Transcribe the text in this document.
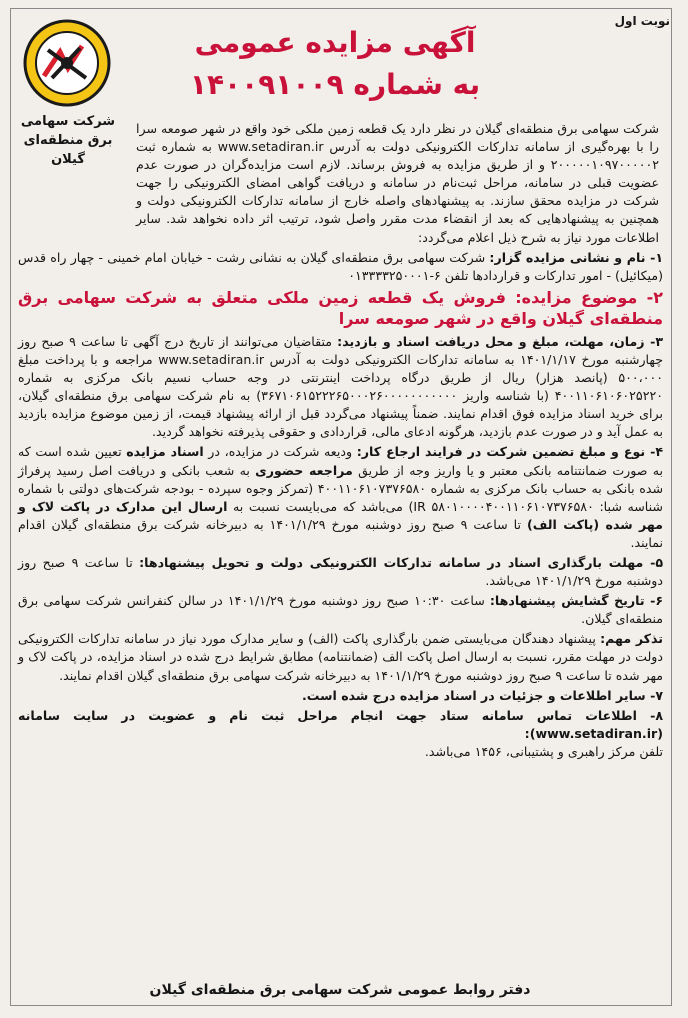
نوبت اول
آگهی مزایده عمومی
به شماره ۱۴۰۰۹۱۰۰۹
شرکت سهامی
برق منطقه‌ای
گیلان

شرکت سهامی برق منطقه‌ای گیلان در نظر دارد یک قطعه زمین ملکی خود واقع در شهر صومعه سرا را با بهره‌گیری از سامانه تدارکات الکترونیکی دولت به آدرس www.setadiran.ir به شماره ثبت ۲۰۰۰۰۰۱۰۹۷۰۰۰۰۰۲ و از طریق مزایده به فروش برساند. لازم است مزایده‌گران در صورت عدم عضویت قبلی در سامانه، مراحل ثبت‌نام در سامانه و دریافت گواهی امضای الکترونیکی را جهت شرکت در مزایده محقق سازند. به پیشنهادهای واصله خارج از سامانه تدارکات الکترونیکی دولت و همچنین به پیشنهادهایی که بعد از انقضاء مدت مقرر واصل شود، ترتیب اثر داده نخواهد شد. سایر اطلاعات مورد نیاز به شرح ذیل اعلام می‌گردد:

۱- نام و نشانی مزایده گزار: شرکت سهامی برق منطقه‌ای گیلان به نشانی رشت - خیابان امام خمینی - چهار راه قدس (میکائیل) - امور تدارکات و قراردادها تلفن ۶-۰۱۳۳۳۳۲۵۰۰۰۱

۲- موضوع مزایده: فروش یک قطعه زمین ملکی متعلق به شرکت سهامی برق منطقه‌ای گیلان واقع در شهر صومعه سرا

۳- زمان، مهلت، مبلغ و محل دریافت اسناد و بازدید: متقاضیان می‌توانند از تاریخ درج آگهی تا ساعت ۹ صبح روز چهارشنبه مورخ ۱۴۰۱/۱/۱۷ به سامانه تدارکات الکترونیکی دولت به آدرس www.setadiran.ir مراجعه و با پرداخت مبلغ ۵۰۰،۰۰۰ (پانصد هزار) ریال از طریق درگاه پرداخت اینترنتی در وجه حساب نسیم بانک مرکزی به شماره ۴۰۰۱۱۰۶۱۰۶۰۲۵۲۲۰ (با شناسه واریز ۳۶۷۱۰۶۱۵۲۲۲۶۵۰۰۰۲۶۰۰۰۰۰۰۰۰۰۰۰) به نام شرکت سهامی برق منطقه‌ای گیلان، برای خرید اسناد مزایده فوق اقدام نمایند. ضمناً پیشنهاد می‌گردد قبل از ارائه پیشنهاد قیمت، از زمین موضوع مزایده بازدید به عمل آید و در صورت عدم بازدید، هرگونه ادعای مالی، قراردادی و حقوقی پذیرفته نخواهد گردید.

۴- نوع و مبلغ تضمین شرکت در فرایند ارجاع کار: ودیعه شرکت در مزایده، در اسناد مزایده تعیین شده است که به صورت ضمانتنامه بانکی معتبر و یا واریز وجه از طریق مراجعه حضوری به شعب بانکی و دریافت اصل رسید پرفراژ شده بانکی به حساب بانک مرکزی به شماره ۴۰۰۱۱۰۶۱۰۷۳۷۶۵۸۰ (تمرکز وجوه سپرده - بودجه شرکت‌های دولتی با شماره شناسه شبا: IR ۵۸۰۱۰۰۰۰۴۰۰۱۱۰۶۱۰۷۳۷۶۵۸۰) می‌باشد که می‌بایست نسبت به ارسال این مدارک در پاکت لاک و مهر شده (پاکت الف) تا ساعت ۹ صبح روز دوشنبه مورخ ۱۴۰۱/۱/۲۹ به دبیرخانه شرکت برق منطقه‌ای گیلان اقدام نمایند.

۵- مهلت بارگذاری اسناد در سامانه تدارکات الکترونیکی دولت و تحویل پیشنهادها: تا ساعت ۹ صبح روز دوشنبه مورخ ۱۴۰۱/۱/۲۹ می‌باشد.

۶- تاریخ گشایش پیشنهادها: ساعت ۱۰:۳۰ صبح روز دوشنبه مورخ ۱۴۰۱/۱/۲۹ در سالن کنفرانس شرکت سهامی برق منطقه‌ای گیلان.

تذکر مهم: پیشنهاد دهندگان می‌بایستی ضمن بارگذاری پاکت (الف) و سایر مدارک مورد نیاز در سامانه تدارکات الکترونیکی دولت در مهلت مقرر، نسبت به ارسال اصل پاکت الف (ضمانتنامه) مطابق شرایط درج شده در اسناد مزایده، در پاکت لاک و مهر شده تا ساعت ۹ صبح روز دوشنبه مورخ ۱۴۰۱/۱/۲۹ به دبیرخانه شرکت سهامی برق منطقه‌ای گیلان اقدام نمایند.

۷- سایر اطلاعات و جزئیات در اسناد مزایده درج شده است.

۸- اطلاعات تماس سامانه ستاد جهت انجام مراحل ثبت نام و عضویت در سایت سامانه (www.setadiran.ir):
تلفن مرکز راهبری و پشتیبانی، ۱۴۵۶ می‌باشد.

دفتر روابط عمومی شرکت سهامی برق منطقه‌ای گیلان
